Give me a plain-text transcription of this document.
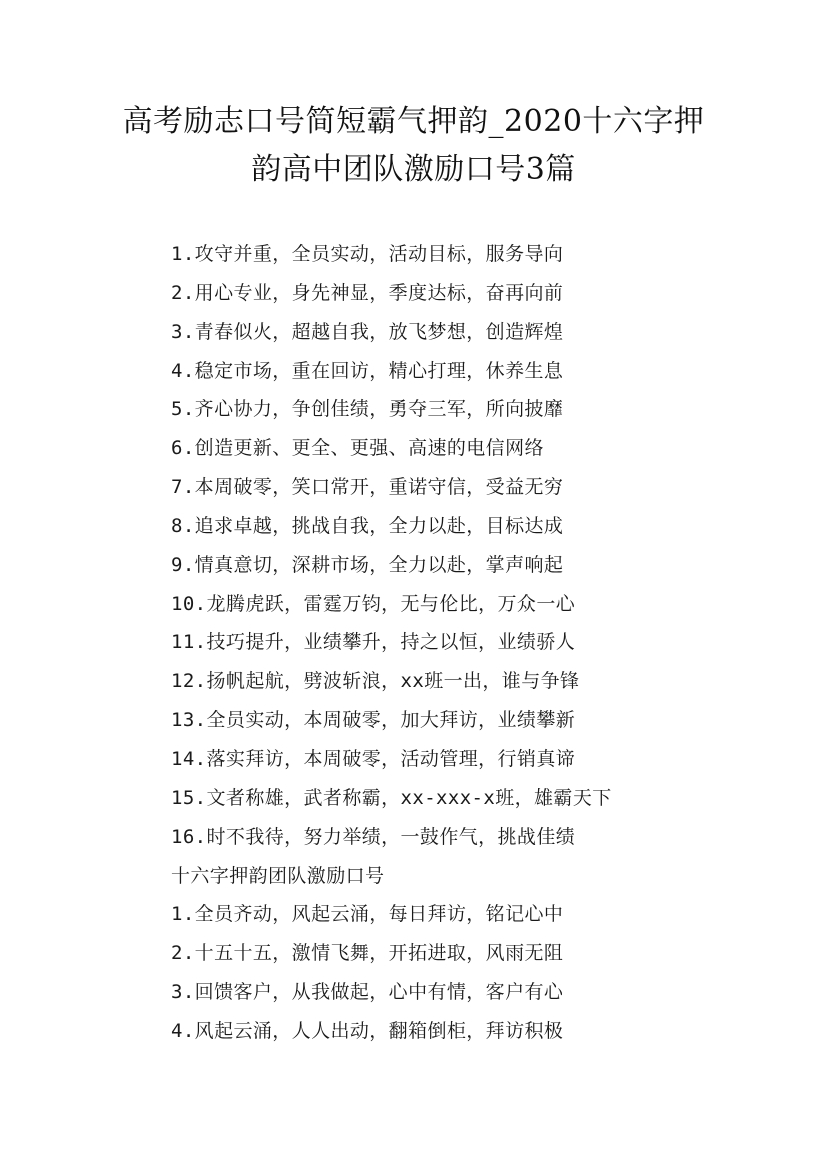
高考励志口号简短霸气押韵_2020十六字押
韵高中团队激励口号3篇
1.攻守并重，全员实动，活动目标，服务导向
2.用心专业，身先神显，季度达标，奋再向前
3.青春似火，超越自我，放飞梦想，创造辉煌
4.稳定市场，重在回访，精心打理，休养生息
5.齐心协力，争创佳绩，勇夺三军，所向披靡
6.创造更新、更全、更强、高速的电信网络
7.本周破零，笑口常开，重诺守信，受益无穷
8.追求卓越，挑战自我，全力以赴，目标达成
9.情真意切，深耕市场，全力以赴，掌声响起
10.龙腾虎跃，雷霆万钧，无与伦比，万众一心
11.技巧提升，业绩攀升，持之以恒，业绩骄人
12.扬帆起航，劈波斩浪，xx班一出，谁与争锋
13.全员实动，本周破零，加大拜访，业绩攀新
14.落实拜访，本周破零，活动管理，行销真谛
15.文者称雄，武者称霸，xx-xxx-x班，雄霸天下
16.时不我待，努力举绩，一鼓作气，挑战佳绩
十六字押韵团队激励口号
1.全员齐动，风起云涌，每日拜访，铭记心中
2.十五十五，激情飞舞，开拓进取，风雨无阻
3.回馈客户，从我做起，心中有情，客户有心
4.风起云涌，人人出动，翻箱倒柜，拜访积极
